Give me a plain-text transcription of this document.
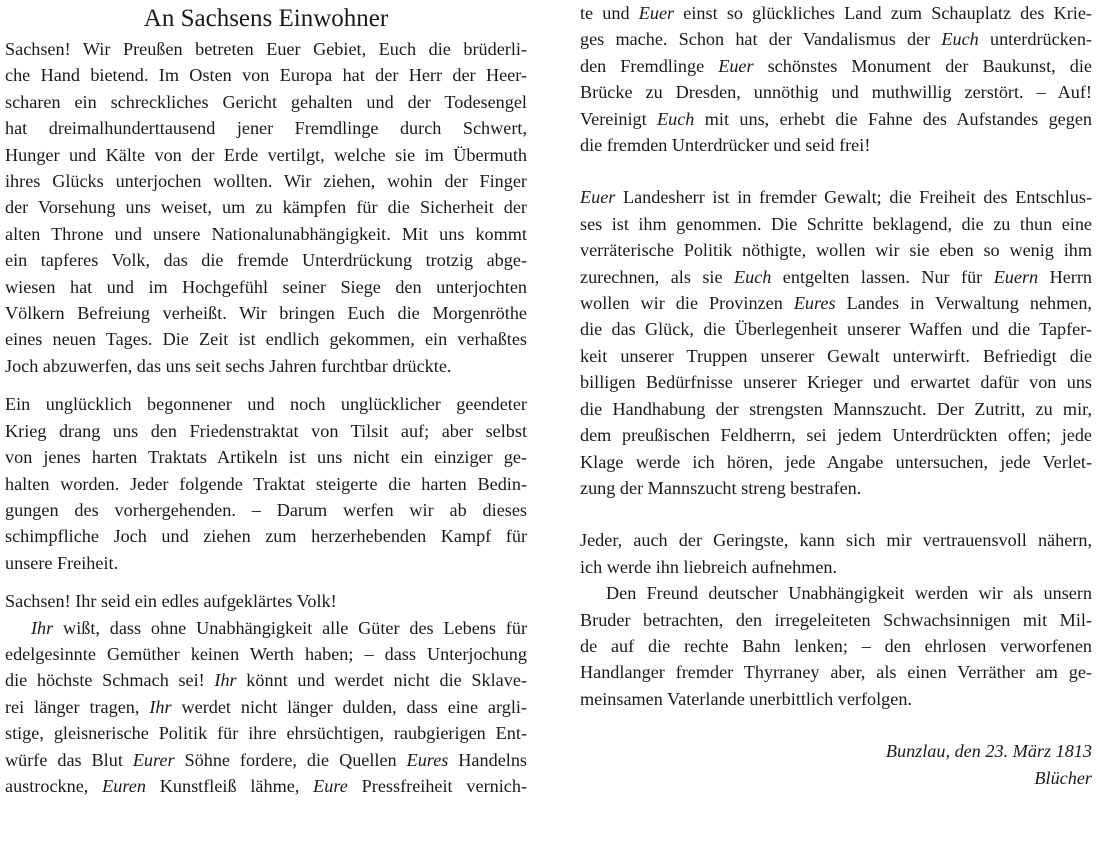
An Sachsens Einwohner
Sachsen! Wir Preußen betreten Euer Gebiet, Euch die brüderli-
che Hand bietend. Im Osten von Europa hat der Herr der Heer-
scharen ein schreckliches Gericht gehalten und der Todesengel
hat dreimalhunderttausend jener Fremdlinge durch Schwert,
Hunger und Kälte von der Erde vertilgt, welche sie im Übermuth
ihres Glücks unterjochen wollten. Wir ziehen, wohin der Finger
der Vorsehung uns weiset, um zu kämpfen für die Sicherheit der
alten Throne und unsere Nationalunabhängigkeit. Mit uns kommt
ein tapferes Volk, das die fremde Unterdrückung trotzig abge-
wiesen hat und im Hochgefühl seiner Siege den unterjochten
Völkern Befreiung verheißt. Wir bringen Euch die Morgenröthe
eines neuen Tages. Die Zeit ist endlich gekommen, ein verhaßtes
Joch abzuwerfen, das uns seit sechs Jahren furchtbar drückte.
Ein unglücklich begonnener und noch unglücklicher geendeter
Krieg drang uns den Friedenstraktat von Tilsit auf; aber selbst
von jenes harten Traktats Artikeln ist uns nicht ein einziger ge-
halten worden. Jeder folgende Traktat steigerte die harten Bedin-
gungen des vorhergehenden. – Darum werfen wir ab dieses
schimpfliche Joch und ziehen zum herzerhebenden Kampf für
unsere Freiheit.
Sachsen! Ihr seid ein edles aufgeklärtes Volk!
Ihr wißt, dass ohne Unabhängigkeit alle Güter des Lebens für
edelgesinnte Gemüther keinen Werth haben; – dass Unterjochung
die höchste Schmach sei! Ihr könnt und werdet nicht die Sklave-
rei länger tragen, Ihr werdet nicht länger dulden, dass eine argli-
stige, gleisnerische Politik für ihre ehrsüchtigen, raubgierigen Ent-
würfe das Blut Eurer Söhne fordere, die Quellen Eures Handelns
austrockne, Euren Kunstfleiß lähme, Eure Pressfreiheit vernich-
te und Euer einst so glückliches Land zum Schauplatz des Krie-
ges mache. Schon hat der Vandalismus der Euch unterdrücken-
den Fremdlinge Euer schönstes Monument der Baukunst, die
Brücke zu Dresden, unnöthig und muthwillig zerstört. – Auf!
Vereinigt Euch mit uns, erhebt die Fahne des Aufstandes gegen
die fremden Unterdrücker und seid frei!
Euer Landesherr ist in fremder Gewalt; die Freiheit des Entschlus-
ses ist ihm genommen. Die Schritte beklagend, die zu thun eine
verräterische Politik nöthigte, wollen wir sie eben so wenig ihm
zurechnen, als sie Euch entgelten lassen. Nur für Euern Herrn
wollen wir die Provinzen Eures Landes in Verwaltung nehmen,
die das Glück, die Überlegenheit unserer Waffen und die Tapfer-
keit unserer Truppen unserer Gewalt unterwirft. Befriedigt die
billigen Bedürfnisse unserer Krieger und erwartet dafür von uns
die Handhabung der strengsten Mannszucht. Der Zutritt, zu mir,
dem preußischen Feldherrn, sei jedem Unterdrückten offen; jede
Klage werde ich hören, jede Angabe untersuchen, jede Verlet-
zung der Mannszucht streng bestrafen.
Jeder, auch der Geringste, kann sich mir vertrauensvoll nähern,
ich werde ihn liebreich aufnehmen.
Den Freund deutscher Unabhängigkeit werden wir als unsern
Bruder betrachten, den irregeleiteten Schwachsinnigen mit Mil-
de auf die rechte Bahn lenken; – den ehrlosen verworfenen
Handlanger fremder Thyrraney aber, als einen Verräther am ge-
meinsamen Vaterlande unerbittlich verfolgen.
Bunzlau, den 23. März 1813
Blücher
